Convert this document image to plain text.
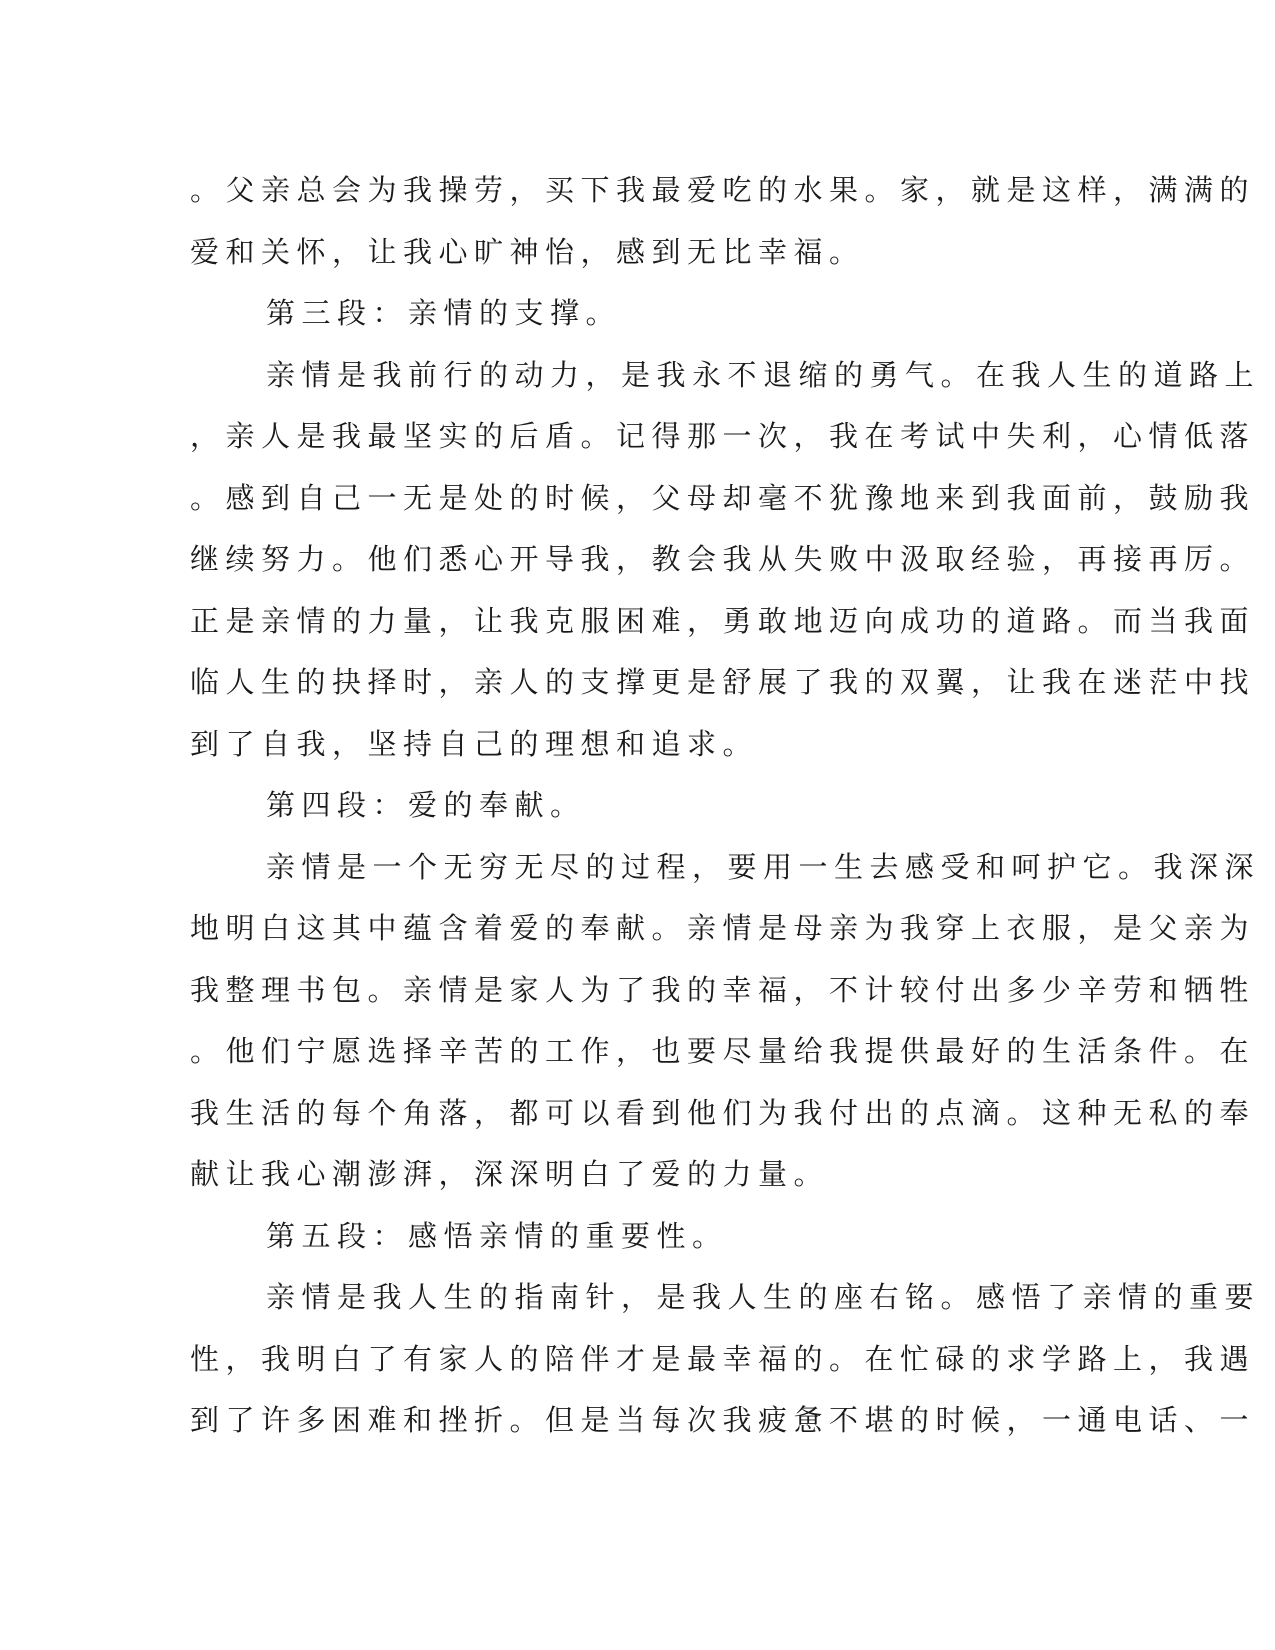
。父亲总会为我操劳，买下我最爱吃的水果。家，就是这样，满满的
爱和关怀，让我心旷神怡，感到无比幸福。
第三段：亲情的支撑。
亲情是我前行的动力，是我永不退缩的勇气。在我人生的道路上
，亲人是我最坚实的后盾。记得那一次，我在考试中失利，心情低落
。感到自己一无是处的时候，父母却毫不犹豫地来到我面前，鼓励我
继续努力。他们悉心开导我，教会我从失败中汲取经验，再接再厉。
正是亲情的力量，让我克服困难，勇敢地迈向成功的道路。而当我面
临人生的抉择时，亲人的支撑更是舒展了我的双翼，让我在迷茫中找
到了自我，坚持自己的理想和追求。
第四段：爱的奉献。
亲情是一个无穷无尽的过程，要用一生去感受和呵护它。我深深
地明白这其中蕴含着爱的奉献。亲情是母亲为我穿上衣服，是父亲为
我整理书包。亲情是家人为了我的幸福，不计较付出多少辛劳和牺牲
。他们宁愿选择辛苦的工作，也要尽量给我提供最好的生活条件。在
我生活的每个角落，都可以看到他们为我付出的点滴。这种无私的奉
献让我心潮澎湃，深深明白了爱的力量。
第五段：感悟亲情的重要性。
亲情是我人生的指南针，是我人生的座右铭。感悟了亲情的重要
性，我明白了有家人的陪伴才是最幸福的。在忙碌的求学路上，我遇
到了许多困难和挫折。但是当每次我疲惫不堪的时候，一通电话、一
